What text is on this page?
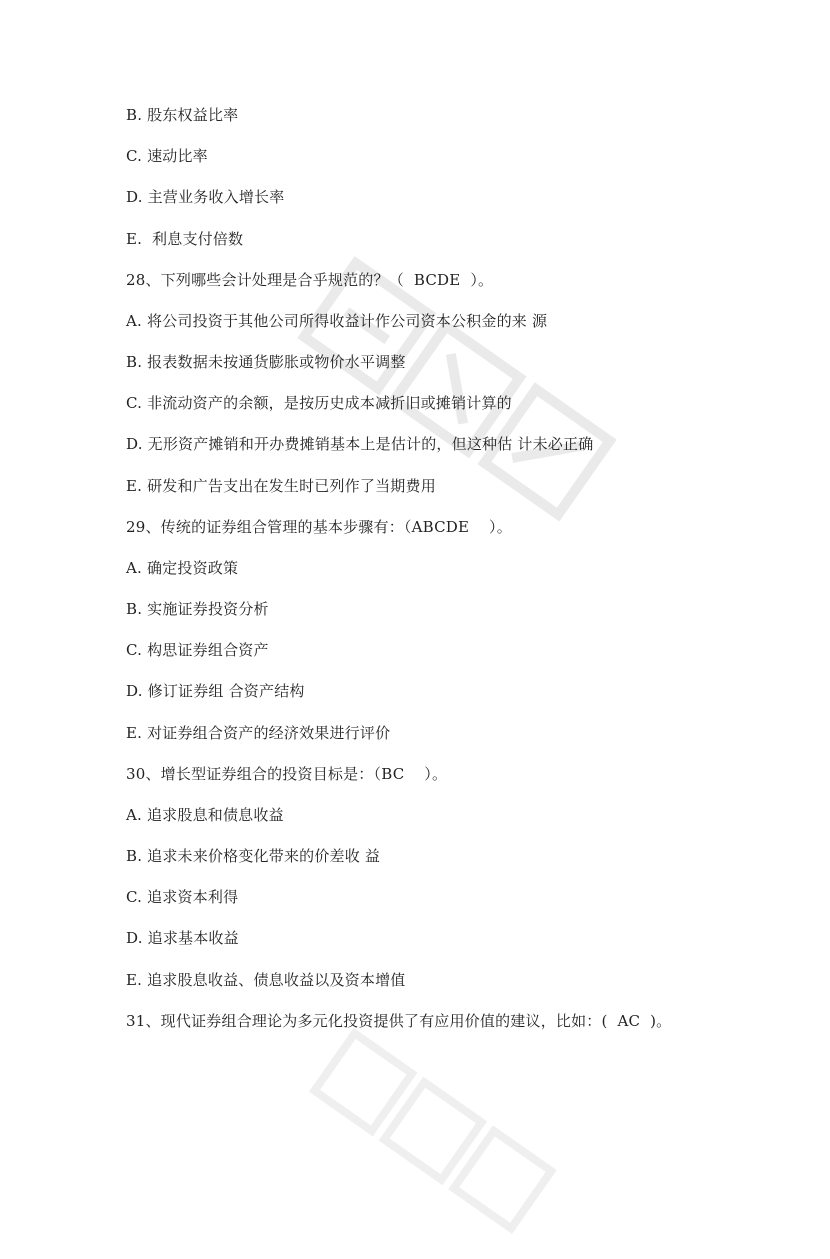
B. 股东权益比率
C. 速动比率
D. 主营业务收入增长率
E.  利息支付倍数
28、下列哪些会计处理是合乎规范的？（  BCDE  ）。
A. 将公司投资于其他公司所得收益计作公司资本公积金的来 源
B. 报表数据未按通货膨胀或物价水平调整
C. 非流动资产的余额，是按历史成本减折旧或摊销计算的
D. 无形资产摊销和开办费摊销基本上是估计的，但这种估 计未必正确
E. 研发和广告支出在发生时已列作了当期费用
29、传统的证券组合管理的基本步骤有：（ABCDE    ）。
A. 确定投资政策
B. 实施证券投资分析
C. 构思证券组合资产
D. 修订证券组 合资产结构
E. 对证券组合资产的经济效果进行评价
30、增长型证券组合的投资目标是：（BC    ）。
A. 追求股息和债息收益
B. 追求未来价格变化带来的价差收 益
C. 追求资本利得
D. 追求基本收益
E. 追求股息收益、债息收益以及资本增值
31、现代证券组合理论为多元化投资提供了有应用价值的建议，比如：(  AC  )。
